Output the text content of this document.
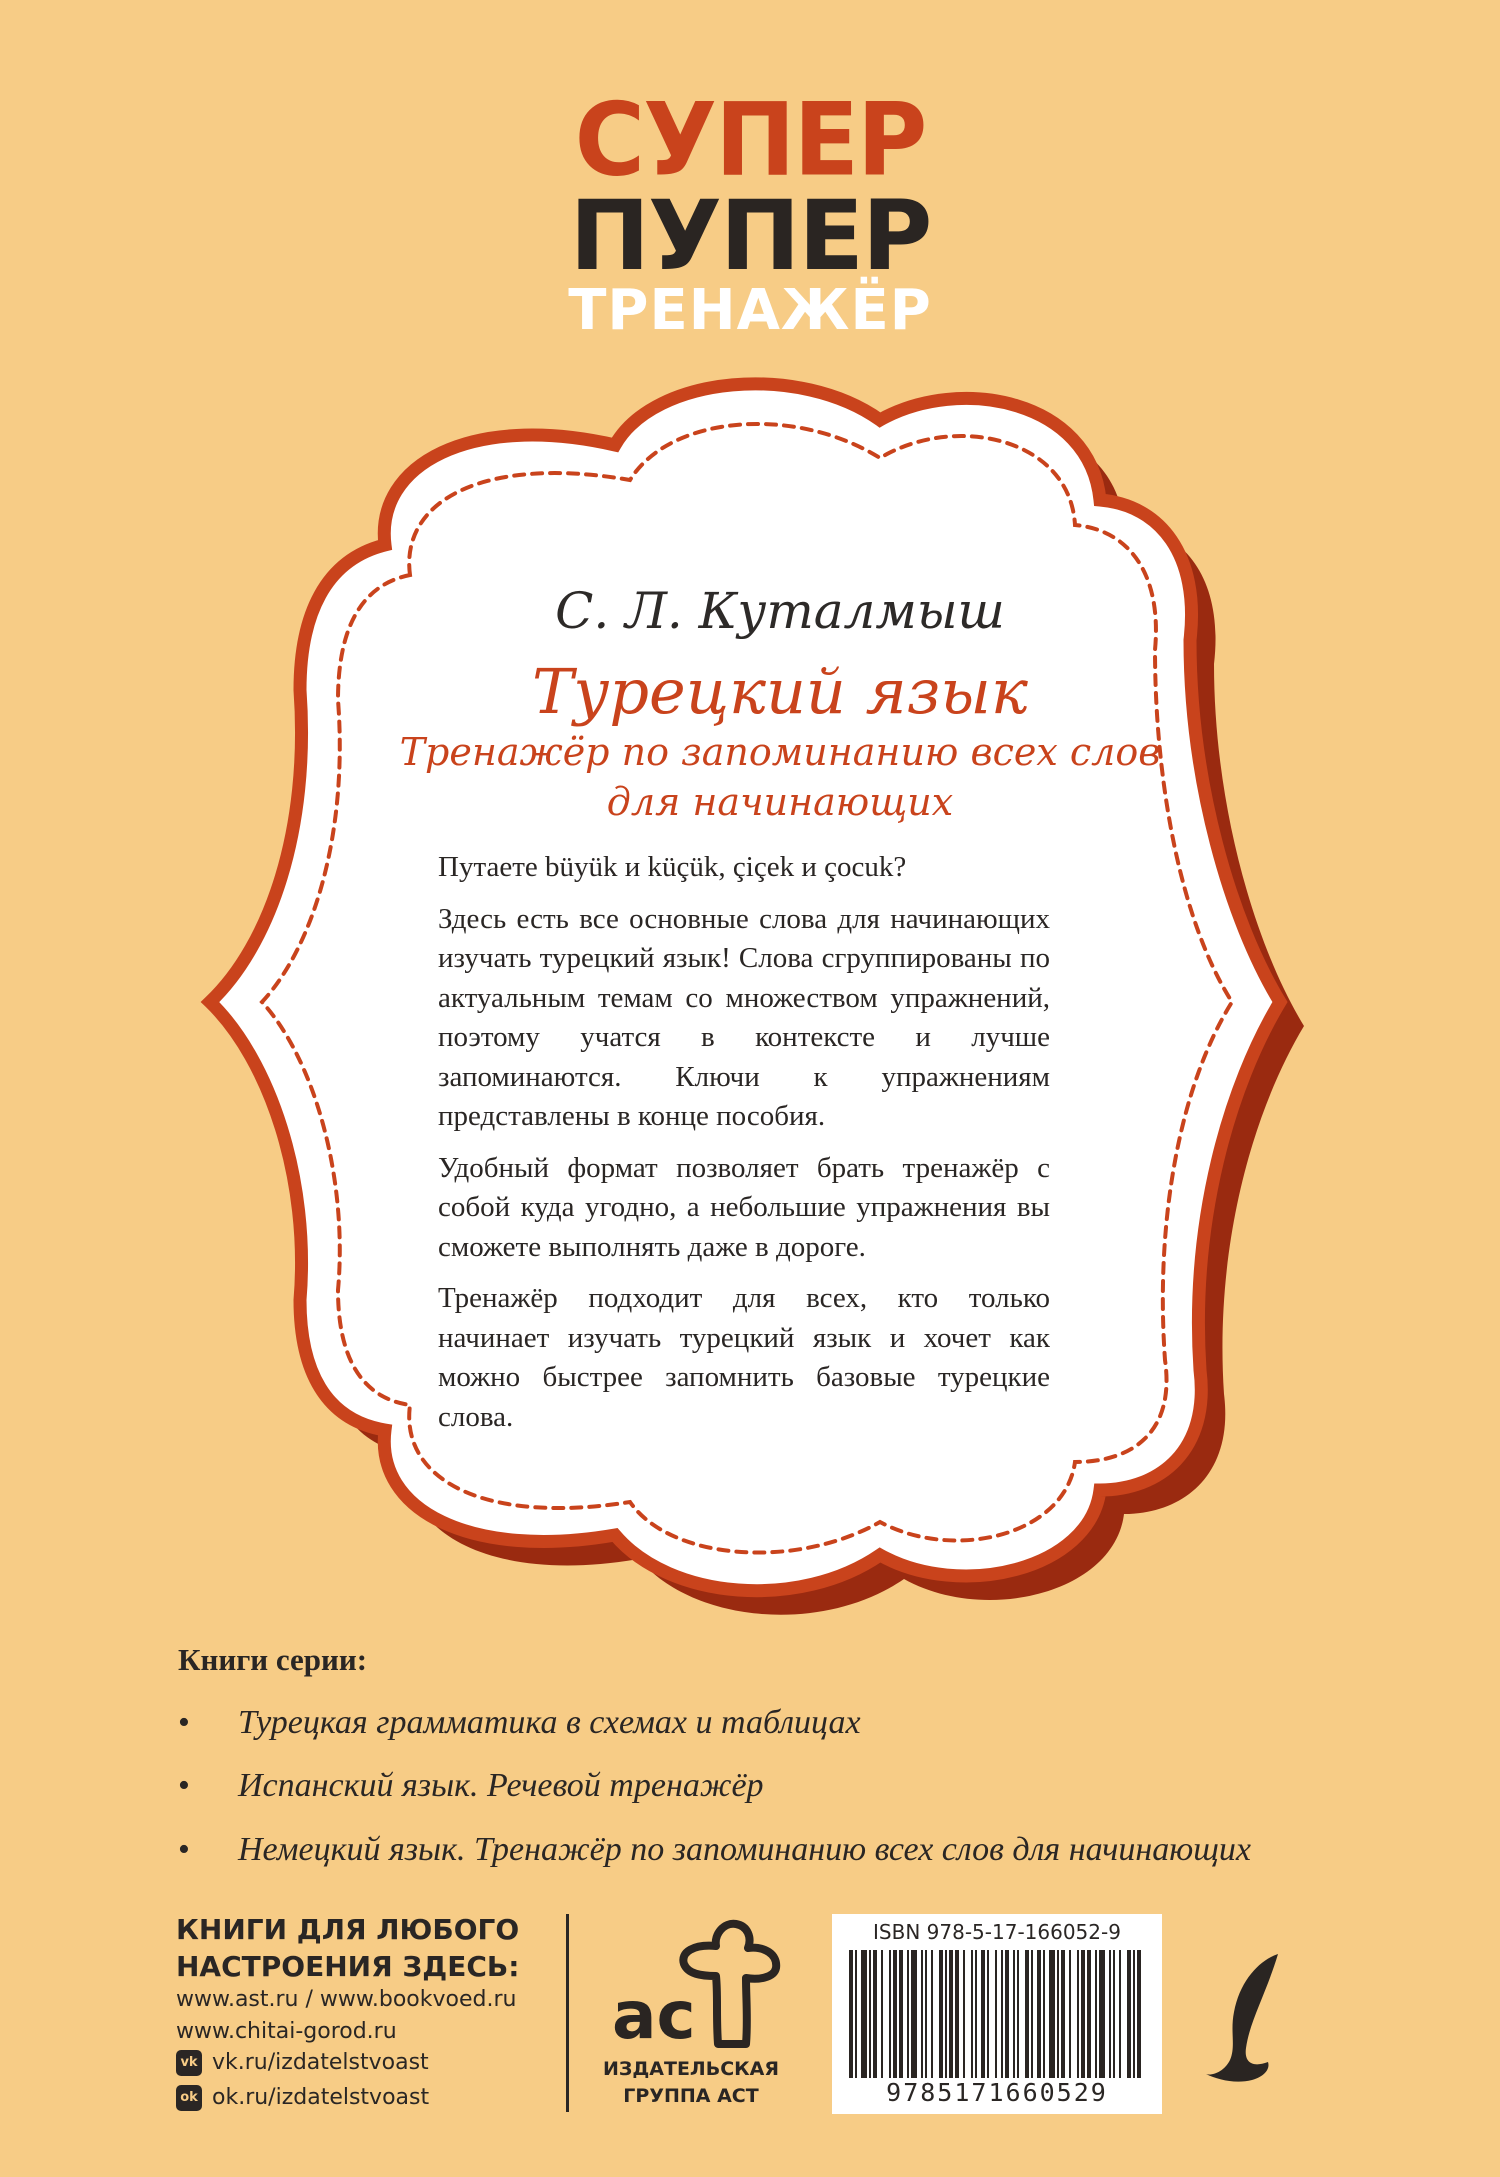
СУПЕР
ПУПЕР
ТРЕНАЖЁР
С. Л. Куталмыш
Турецкий язык
Тренажёр по запоминанию всех слов
для начинающих

Путаете büyük и küçük, çiçek и çocuk?

Здесь есть все основные слова для начинающих изучать турецкий язык! Слова сгруппированы по актуальным темам со множеством упражнений, поэтому учатся в контексте и лучше запоминаются. Ключи к упражнениям представлены в конце пособия.

Удобный формат позволяет брать тренажёр с собой куда угодно, а небольшие упражнения вы сможете выполнять даже в дороге.

Тренажёр подходит для всех, кто только начинает изучать турецкий язык и хочет как можно быстрее запомнить базовые турецкие слова.

Книги серии:
• Турецкая грамматика в схемах и таблицах
• Испанский язык. Речевой тренажёр
• Немецкий язык. Тренажёр по запоминанию всех слов для начинающих
КНИГИ ДЛЯ ЛЮБОГО
НАСТРОЕНИЯ ЗДЕСЬ:
www.ast.ru / www.bookvoed.ru
www.chitai-gorod.ru
vk vk.ru/izdatelstvoast
ok ok.ru/izdatelstvoast
ac
ИЗДАТЕЛЬСКАЯ
ГРУППА АСТ
ISBN 978-5-17-166052-9
9785171660529
